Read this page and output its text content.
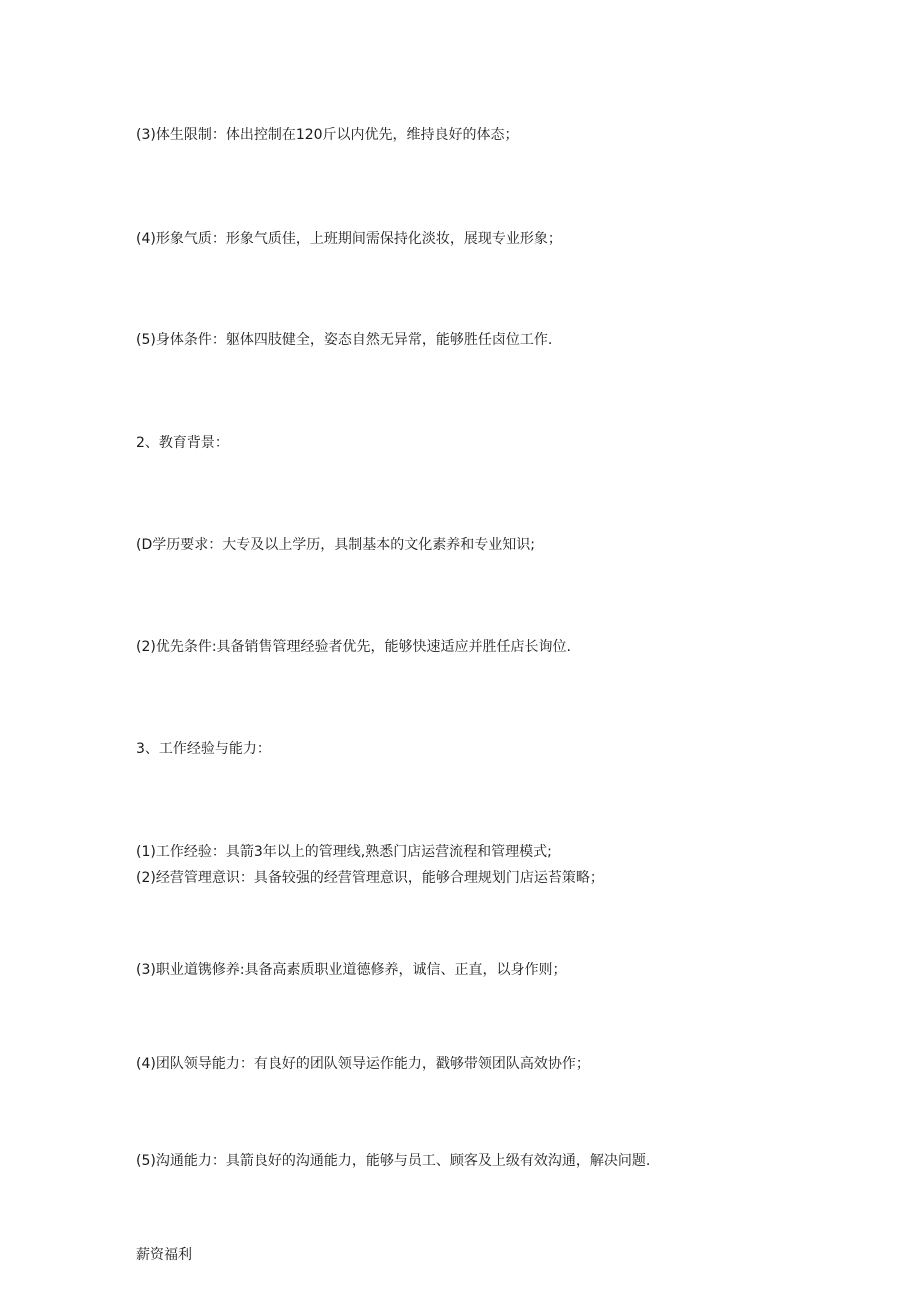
(3)体生限制：体出控制在120斤以内优先，维持良好的体态；

(4)形象气质：形象气质佳，上班期间需保持化淡妆，展现专业形象；

(5)身体条件：躯体四肢健全，姿态自然无异常，能够胜任卤位工作.

2、教育背景：

(D学历要求：大专及以上学历，具制基本的文化素养和专业知识;

(2)优先条件:具备销售管理经验者优先，能够快速适应并胜任店长询位.

3、工作经验与能力：

(1)工作经验：具箭3年以上的管理线,熟悉门店运营流程和管理模式;

(2)经营管理意识：具备较强的经营管理意识，能够合理规划门店运苔策略；

(3)职业道镌修养:具备高素质职业道德修养，诚信、正直，以身作则；

(4)团队领导能力：有良好的团队领导运作能力，戳够带领团队高效协作；

(5)沟通能力：具箭良好的沟通能力，能够与员工、顾客及上级有效沟通，解决问题.

薪资福利
